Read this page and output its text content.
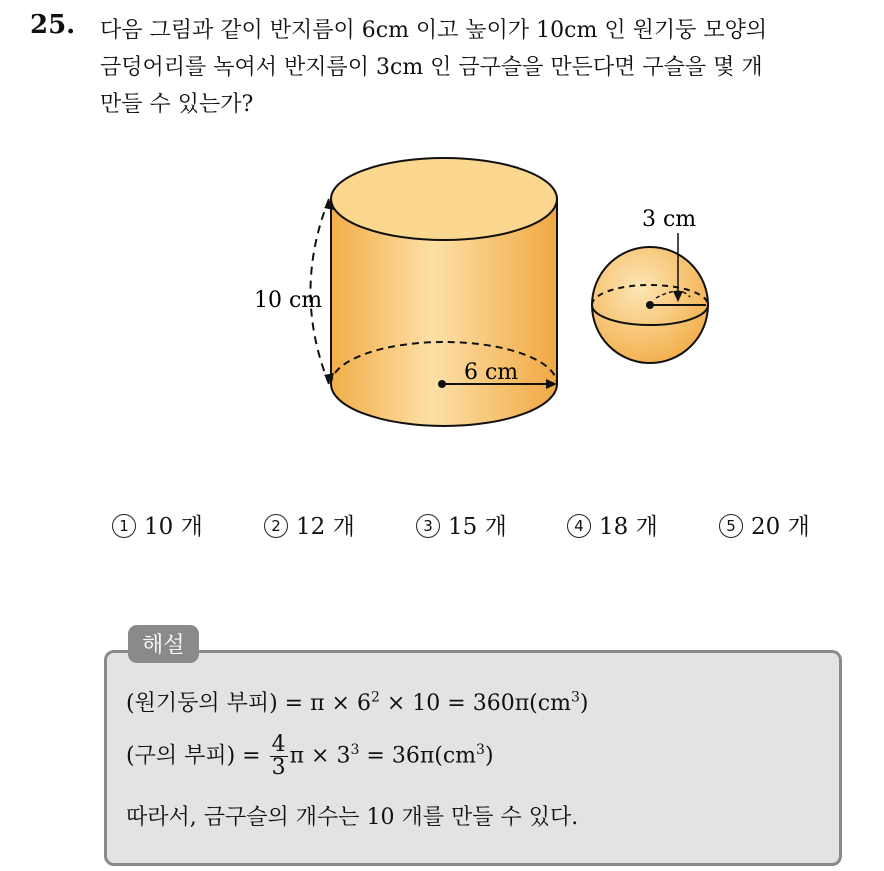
25. 다음 그림과 같이 반지름이 6cm 이고 높이가 10cm 인 원기둥 모양의
금덩어리를 녹여서 반지름이 3cm 인 금구슬을 만든다면 구슬을 몇 개
만들 수 있는가?
10 cm
6 cm
3 cm
1 10 개	2 12 개	3 15 개	4 18 개	5 20 개
해설
(원기둥의 부피) = $\pi \times 6^2 \times 10 = 360\pi(cm^3)$
(구의 부피) = $\frac{4}{3}$ $\pi \times 3^3 = 36\pi(cm^3)$
따라서, 금구슬의 개수는 10 개를 만들 수 있다.
